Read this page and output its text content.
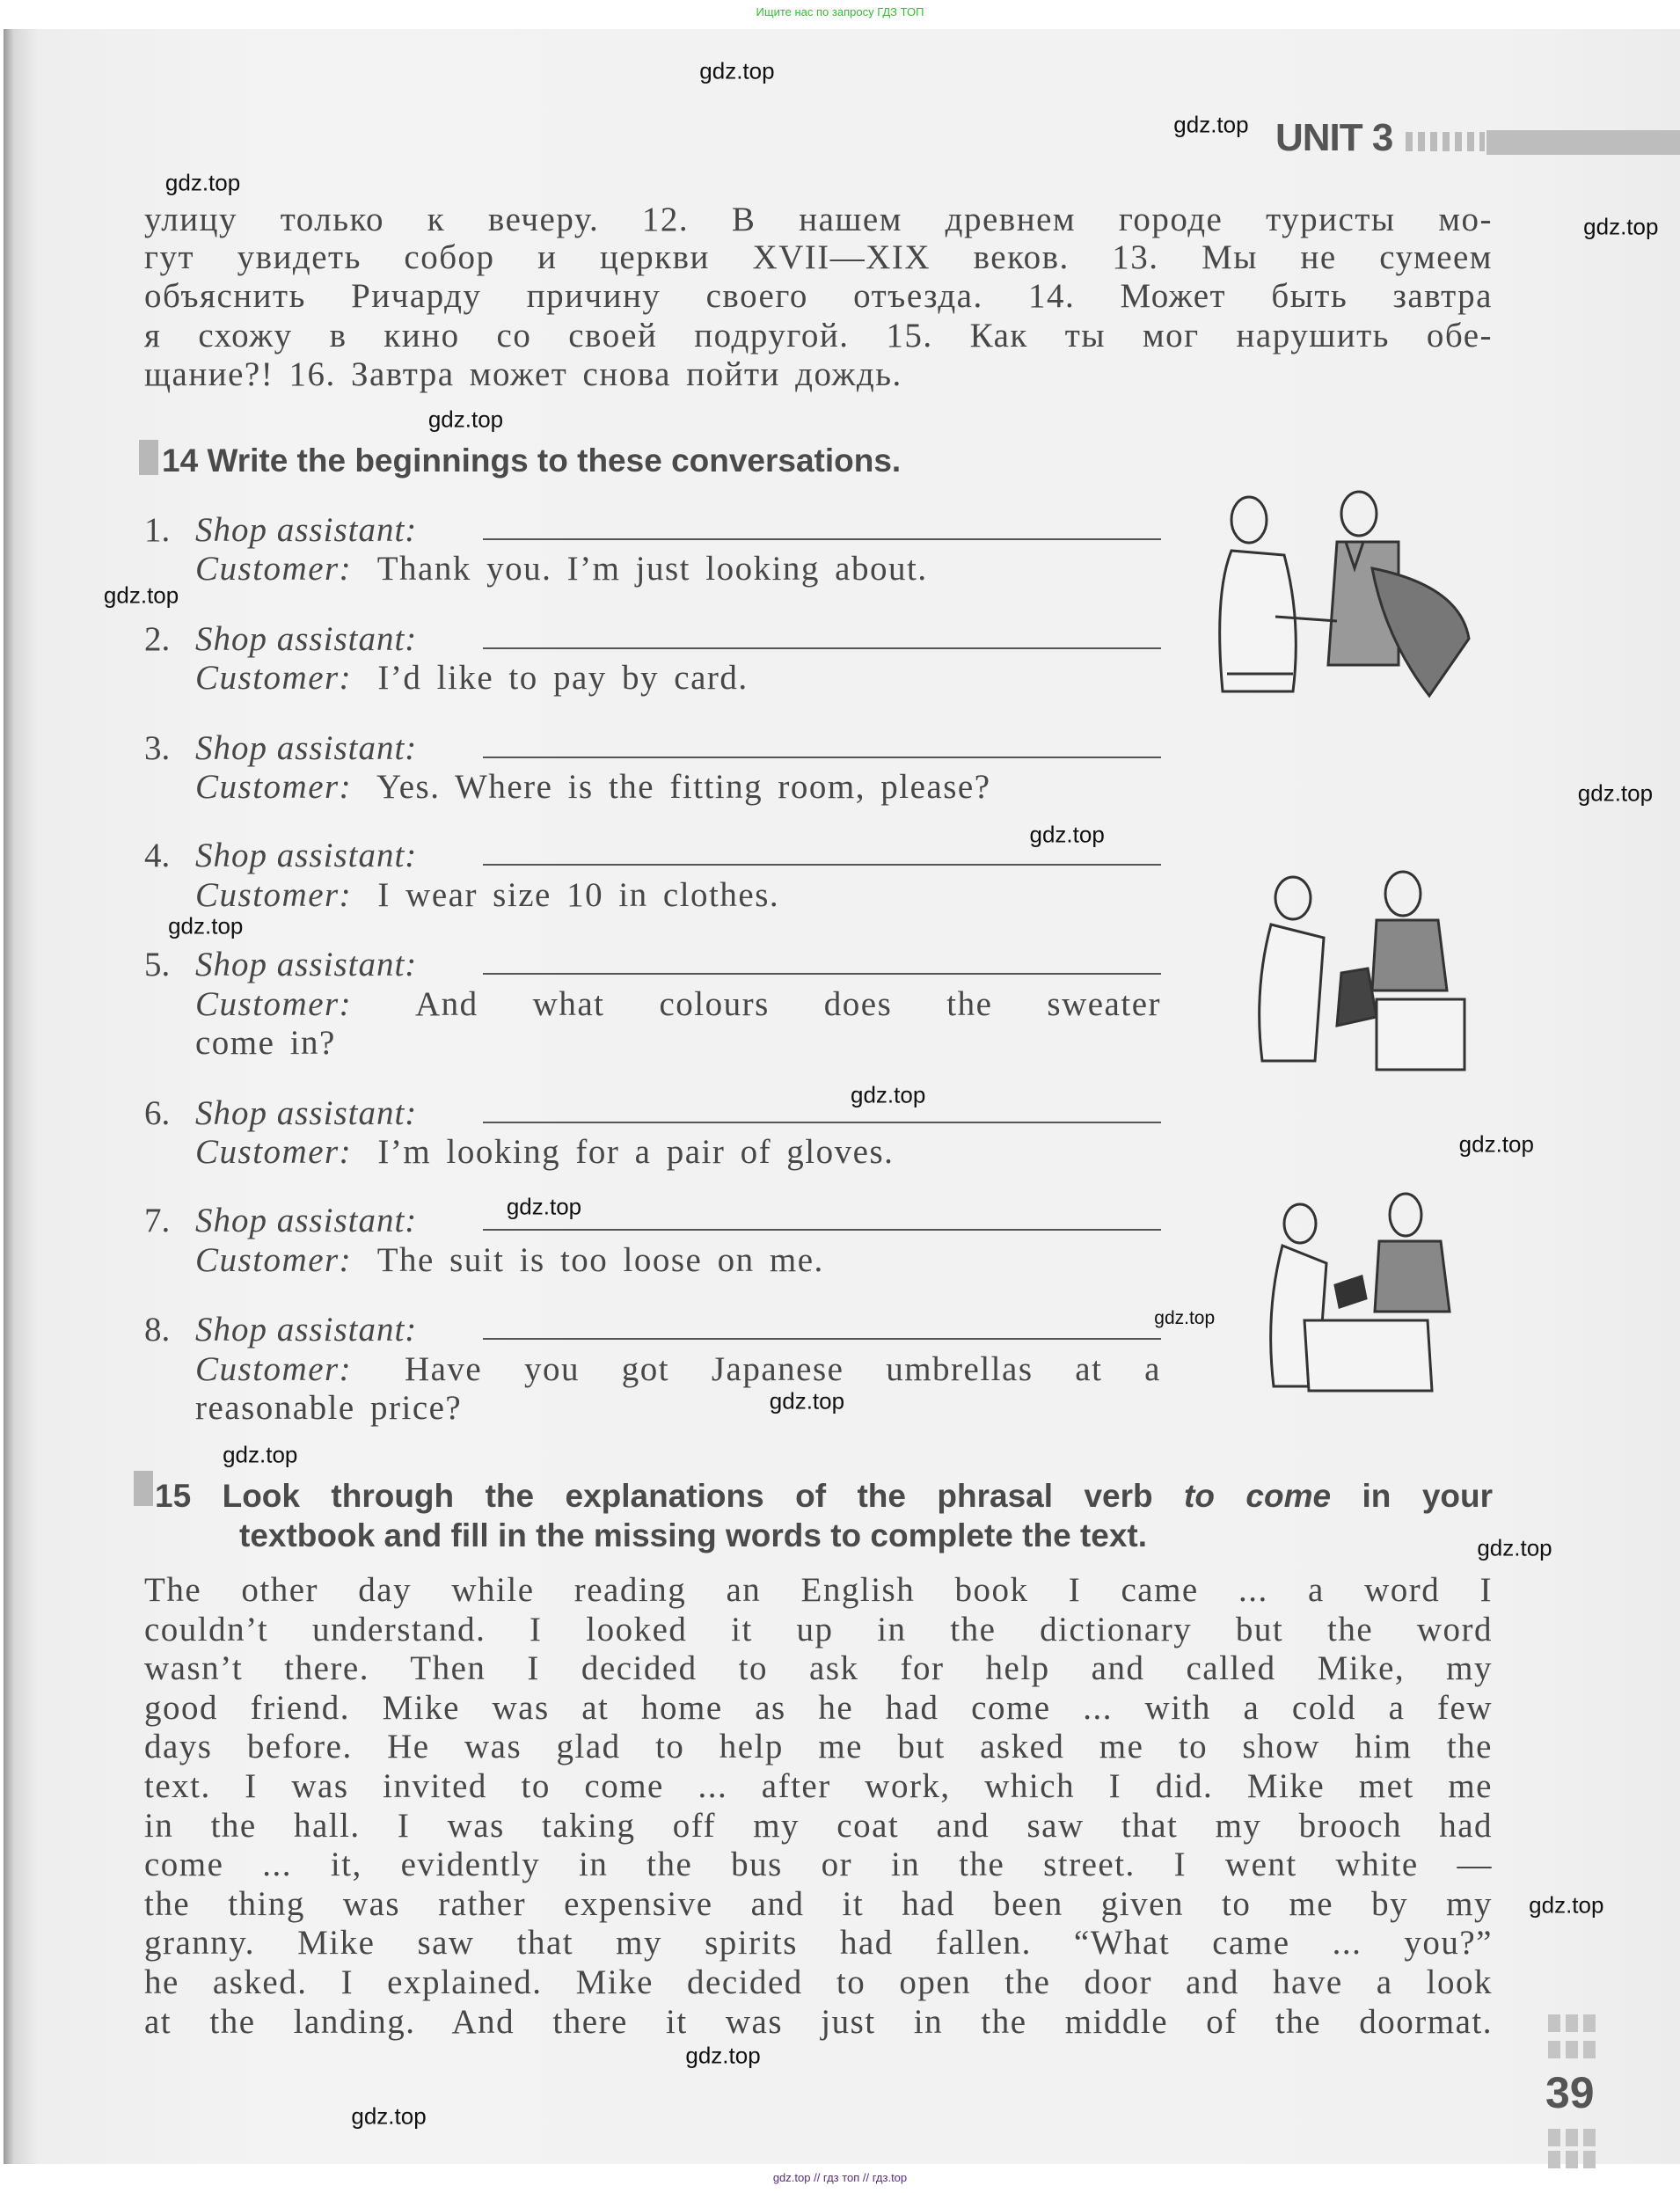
Ищите нас по запросу ГДЗ ТОП
UNIT 3
улицу только к вечеру. 12. В нашем древнем городе туристы мо-
гут увидеть собор и церкви XVII—XIX веков. 13. Мы не сумеем
объяснить Ричарду причину своего отъезда. 14. Может быть завтра
я схожу в кино со своей подругой. 15. Как ты мог нарушить обе-
щание?! 16. Завтра может снова пойти дождь.
14 Write the beginnings to these conversations.
1. Shop assistant:
Customer: Thank you. I’m just looking about.
2. Shop assistant:
Customer: I’d like to pay by card.
3. Shop assistant:
Customer: Yes. Where is the fitting room, please?
4. Shop assistant:
Customer: I wear size 10 in clothes.
5. Shop assistant:
Customer: And what colours does the sweater
come in?
6. Shop assistant:
Customer: I’m looking for a pair of gloves.
7. Shop assistant:
Customer: The suit is too loose on me.
8. Shop assistant:
Customer: Have you got Japanese umbrellas at a
reasonable price?
15 Look through the explanations of the phrasal verb to come in your
textbook and fill in the missing words to complete the text.
The other day while reading an English book I came ... a word I
couldn’t understand. I looked it up in the dictionary but the word
wasn’t there. Then I decided to ask for help and called Mike, my
good friend. Mike was at home as he had come ... with a cold a few
days before. He was glad to help me but asked me to show him the
text. I was invited to come ... after work, which I did. Mike met me
in the hall. I was taking off my coat and saw that my brooch had
come ... it, evidently in the bus or in the street. I went white —
the thing was rather expensive and it had been given to me by my
granny. Mike saw that my spirits had fallen. “What came ... you?”
he asked. I explained. Mike decided to open the door and have a look
at the landing. And there it was just in the middle of the doormat.
39
gdz.top
gdz.top
gdz.top
gdz.top
gdz.top
gdz.top
gdz.top
gdz.top
gdz.top
gdz.top
gdz.top
gdz.top
gdz.top
gdz.top
gdz.top
gdz.top
gdz.top
gdz.top
gdz.top
gdz.top // гдз топ // гдз.top
